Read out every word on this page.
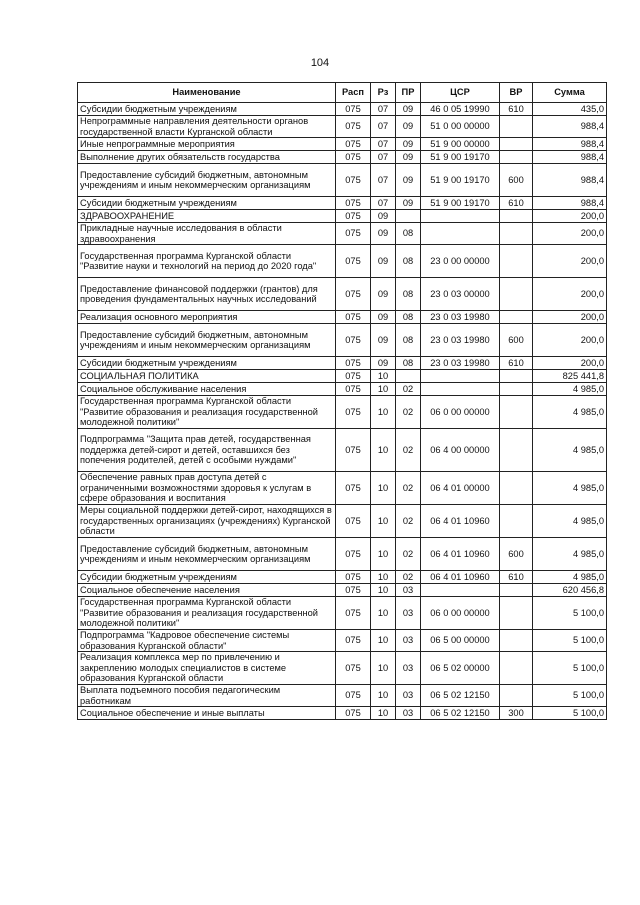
104
Наименование	Расп	Рз	ПР	ЦСР	ВР	Сумма
Субсидии бюджетным учреждениям	075	07	09	46 0 05 19990	610	435,0
Непрограммные направления деятельности органов государственной власти Курганской области	075	07	09	51 0 00 00000		988,4
Иные непрограммные мероприятия	075	07	09	51 9 00 00000		988,4
Выполнение других обязательств государства	075	07	09	51 9 00 19170		988,4
Предоставление субсидий бюджетным, автономным учреждениям и иным некоммерческим организациям	075	07	09	51 9 00 19170	600	988,4
Субсидии бюджетным учреждениям	075	07	09	51 9 00 19170	610	988,4
ЗДРАВООХРАНЕНИЕ	075	09				200,0
Прикладные научные исследования в области здравоохранения	075	09	08			200,0
Государственная программа Курганской области "Развитие науки и технологий на период до 2020 года"	075	09	08	23 0 00 00000		200,0
Предоставление финансовой поддержки (грантов) для проведения фундаментальных научных исследований	075	09	08	23 0 03 00000		200,0
Реализация основного мероприятия	075	09	08	23 0 03 19980		200,0
Предоставление субсидий бюджетным, автономным учреждениям и иным некоммерческим организациям	075	09	08	23 0 03 19980	600	200,0
Субсидии бюджетным учреждениям	075	09	08	23 0 03 19980	610	200,0
СОЦИАЛЬНАЯ ПОЛИТИКА	075	10				825 441,8
Социальное обслуживание населения	075	10	02			4 985,0
Государственная программа Курганской области "Развитие образования и реализация государственной молодежной политики"	075	10	02	06 0 00 00000		4 985,0
Подпрограмма "Защита прав детей, государственная поддержка детей-сирот и детей, оставшихся без попечения родителей, детей с особыми нуждами"	075	10	02	06 4 00 00000		4 985,0
Обеспечение равных прав доступа детей с ограниченными возможностями здоровья к услугам в сфере образования и воспитания	075	10	02	06 4 01 00000		4 985,0
Меры социальной поддержки детей-сирот, находящихся в государственных организациях (учреждениях) Курганской области	075	10	02	06 4 01 10960		4 985,0
Предоставление субсидий бюджетным, автономным учреждениям и иным некоммерческим организациям	075	10	02	06 4 01 10960	600	4 985,0
Субсидии бюджетным учреждениям	075	10	02	06 4 01 10960	610	4 985,0
Социальное обеспечение населения	075	10	03			620 456,8
Государственная программа Курганской области "Развитие образования и реализация государственной молодежной политики"	075	10	03	06 0 00 00000		5 100,0
Подпрограмма "Кадровое обеспечение системы образования Курганской области"	075	10	03	06 5 00 00000		5 100,0
Реализация комплекса мер по привлечению и закреплению молодых специалистов в системе образования Курганской области	075	10	03	06 5 02 00000		5 100,0
Выплата подъемного пособия педагогическим работникам	075	10	03	06 5 02 12150		5 100,0
Социальное обеспечение и иные выплаты	075	10	03	06 5 02 12150	300	5 100,0
